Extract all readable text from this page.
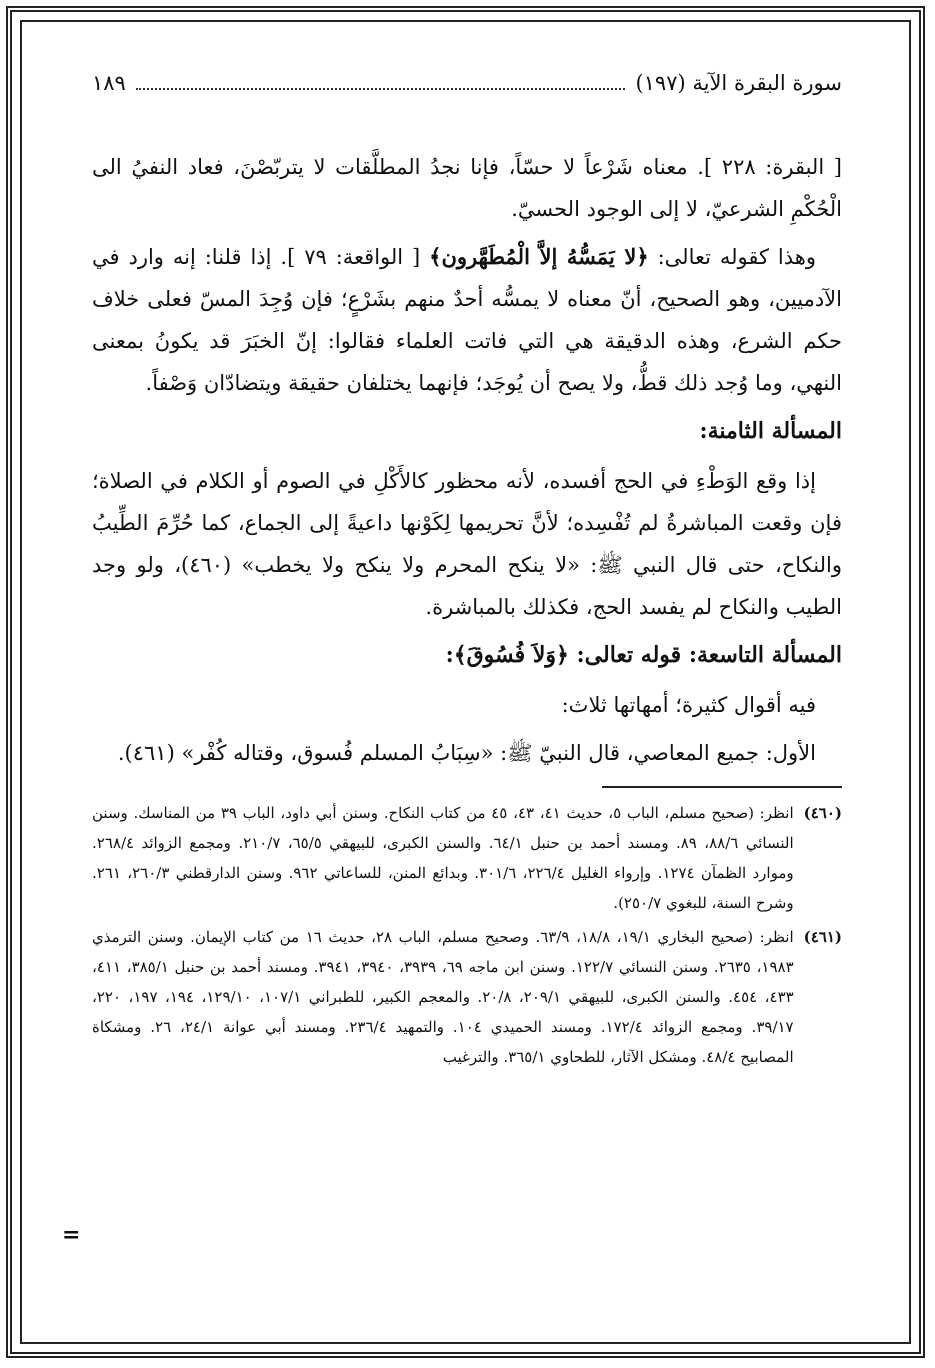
سورة البقرة الآية (١٩٧)
١٨٩

[ البقرة: ٢٢٨ ]. معناه شَرْعاً لا حسّاً، فإنا نجدُ المطلَّقات لا يتربّصْنَ، فعاد النفيُ الى الْحُكْمِ الشرعيّ، لا إلى الوجود الحسيّ.

وهذا كقوله تعالى: ﴿لا يَمَسُّهُ إلاَّ الْمُطَهَّرون﴾ [ الواقعة: ٧٩ ]. إذا قلنا: إنه وارد في الآدميين، وهو الصحيح، أنّ معناه لا يمسُّه أحدٌ منهم بشَرْعٍ؛ فإن وُجِدَ المسّ فعلى خلاف حكم الشرع، وهذه الدقيقة هي التي فاتت العلماء فقالوا: إنّ الخبَرَ قد يكونُ بمعنى النهي، وما وُجد ذلك قطُّ، ولا يصح أن يُوجَد؛ فإنهما يختلفان حقيقة ويتضادّان وَصْفاً.

المسألة الثامنة:

إذا وقع الوَطْءِ في الحج أفسده، لأنه محظور كالأَكْلِ في الصوم أو الكلام في الصلاة؛ فإن وقعت المباشرةُ لم تُفْسِده؛ لأنَّ تحريمها لِكَوْنها داعيةً إلى الجماع، كما حُرِّمَ الطِّيبُ والنكاح، حتى قال النبي ﷺ: «لا ينكح المحرم ولا ينكح ولا يخطب» (٤٦٠)، ولو وجد الطيب والنكاح لم يفسد الحج، فكذلك بالمباشرة.

المسألة التاسعة: قوله تعالى: ﴿وَلاَ فُسُوقَ﴾:

فيه أقوال كثيرة؛ أمهاتها ثلاث:

الأول: جميع المعاصي، قال النبيّ ﷺ: «سِبَابُ المسلم فُسوق، وقتاله كُفْر» (٤٦١).

(٤٦٠)
انظر: (صحيح مسلم، الباب ٥، حديث ٤١، ٤٣، ٤٥ من كتاب النكاح. وسنن أبي داود، الباب ٣٩ من المناسك. وسنن النسائي ٨٨/٦، ٨٩. ومسند أحمد بن حنبل ٦٤/١. والسنن الكبرى، للبيهقي ٦٥/٥، ٢١٠/٧. ومجمع الزوائد ٢٦٨/٤. وموارد الظمآن ١٢٧٤. وإرواء الغليل ٢٢٦/٤، ٣٠١/٦. وبدائع المنن، للساعاتي ٩٦٢. وسنن الدارقطني ٢٦٠/٣، ٢٦١. وشرح السنة، للبغوي ٢٥٠/٧).
(٤٦١)
انظر: (صحيح البخاري ١٩/١، ١٨/٨، ٦٣/٩. وصحيح مسلم، الباب ٢٨، حديث ١٦ من كتاب الإيمان. وسنن الترمذي ١٩٨٣، ٢٦٣٥. وسنن النسائي ١٢٢/٧. وسنن ابن ماجه ٦٩، ٣٩٣٩، ٣٩٤٠، ٣٩٤١. ومسند أحمد بن حنبل ٣٨٥/١، ٤١١، ٤٣٣، ٤٥٤. والسنن الكبرى، للبيهقي ٢٠٩/١، ٢٠/٨. والمعجم الكبير، للطبراني ١٠٧/١، ١٢٩/١٠، ١٩٤، ١٩٧، ٢٢٠، ٣٩/١٧. ومجمع الزوائد ١٧٢/٤. ومسند الحميدي ١٠٤. والتمهيد ٢٣٦/٤. ومسند أبي عوانة ٢٤/١، ٢٦. ومشكاة المصابيح ٤٨/٤. ومشكل الآثار، للطحاوي ٣٦٥/١. والترغيب
=
